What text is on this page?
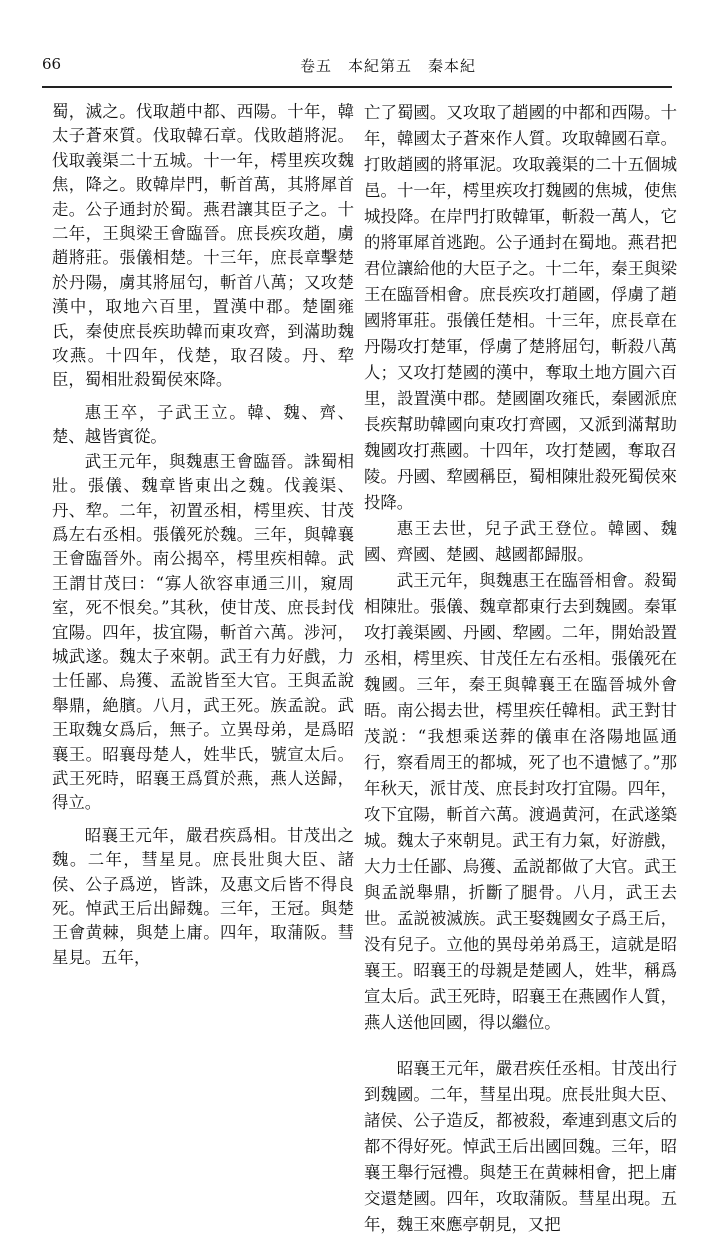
66	卷五　本紀第五　秦本紀

蜀，滅之。伐取趙中都、西陽。十年，韓太子蒼來質。伐取韓石章。伐敗趙將泥。伐取義渠二十五城。十一年，樗里疾攻魏焦，降之。敗韓岸門，斬首萬，其將犀首走。公子通封於蜀。燕君讓其臣子之。十二年，王與梁王會臨晉。庶長疾攻趙，虜趙將莊。張儀相楚。十三年，庶長章擊楚於丹陽，虜其將屈匄，斬首八萬；又攻楚漢中，取地六百里，置漢中郡。楚圍雍氏，秦使庶長疾助韓而東攻齊，到滿助魏攻燕。十四年，伐楚，取召陵。丹、犂臣，蜀相壯殺蜀侯來降。

惠王卒，子武王立。韓、魏、齊、楚、越皆賓從。

武王元年，與魏惠王會臨晉。誅蜀相壯。張儀、魏章皆東出之魏。伐義渠、丹、犂。二年，初置丞相，樗里疾、甘茂爲左右丞相。張儀死於魏。三年，與韓襄王會臨晉外。南公揭卒，樗里疾相韓。武王謂甘茂曰：“寡人欲容車通三川，窺周室，死不恨矣。”其秋，使甘茂、庶長封伐宜陽。四年，拔宜陽，斬首六萬。涉河，城武遂。魏太子來朝。武王有力好戲，力士任鄙、烏獲、孟說皆至大官。王與孟說舉鼎，絶臏。八月，武王死。族孟說。武王取魏女爲后，無子。立異母弟，是爲昭襄王。昭襄母楚人，姓芈氏，號宣太后。武王死時，昭襄王爲質於燕，燕人送歸，得立。

昭襄王元年，嚴君疾爲相。甘茂出之魏。二年，彗星見。庶長壯與大臣、諸侯、公子爲逆，皆誅，及惠文后皆不得良死。悼武王后出歸魏。三年，王冠。與楚王會黄棘，與楚上庸。四年，取蒲阪。彗星見。五年，

亡了蜀國。又攻取了趙國的中都和西陽。十年，韓國太子蒼來作人質。攻取韓國石章。打敗趙國的將軍泥。攻取義渠的二十五個城邑。十一年，樗里疾攻打魏國的焦城，使焦城投降。在岸門打敗韓軍，斬殺一萬人，它的將軍犀首逃跑。公子通封在蜀地。燕君把君位讓給他的大臣子之。十二年，秦王與梁王在臨晉相會。庶長疾攻打趙國，俘虜了趙國將軍莊。張儀任楚相。十三年，庶長章在丹陽攻打楚軍，俘虜了楚將屈匄，斬殺八萬人；又攻打楚國的漢中，奪取土地方圓六百里，設置漢中郡。楚國圍攻雍氏，秦國派庶長疾幫助韓國向東攻打齊國，又派到滿幫助魏國攻打燕國。十四年，攻打楚國，奪取召陵。丹國、犂國稱臣，蜀相陳壯殺死蜀侯來投降。

惠王去世，兒子武王登位。韓國、魏國、齊國、楚國、越國都歸服。

武王元年，與魏惠王在臨晉相會。殺蜀相陳壯。張儀、魏章都東行去到魏國。秦軍攻打義渠國、丹國、犂國。二年，開始設置丞相，樗里疾、甘茂任左右丞相。張儀死在魏國。三年，秦王與韓襄王在臨晉城外會晤。南公揭去世，樗里疾任韓相。武王對甘茂説：“我想乘送葬的儀車在洛陽地區通行，察看周王的都城，死了也不遺憾了。”那年秋天，派甘茂、庶長封攻打宜陽。四年，攻下宜陽，斬首六萬。渡過黄河，在武遂築城。魏太子來朝見。武王有力氣，好游戲，大力士任鄙、烏獲、孟説都做了大官。武王與孟説舉鼎，折斷了腿骨。八月，武王去世。孟説被滅族。武王娶魏國女子爲王后，没有兒子。立他的異母弟弟爲王，這就是昭襄王。昭襄王的母親是楚國人，姓芈，稱爲宣太后。武王死時，昭襄王在燕國作人質，燕人送他回國，得以繼位。

昭襄王元年，嚴君疾任丞相。甘茂出行到魏國。二年，彗星出現。庶長壯與大臣、諸侯、公子造反，都被殺，牽連到惠文后的都不得好死。悼武王后出國回魏。三年，昭襄王舉行冠禮。與楚王在黄棘相會，把上庸交還楚國。四年，攻取蒲阪。彗星出現。五年，魏王來應亭朝見，又把
